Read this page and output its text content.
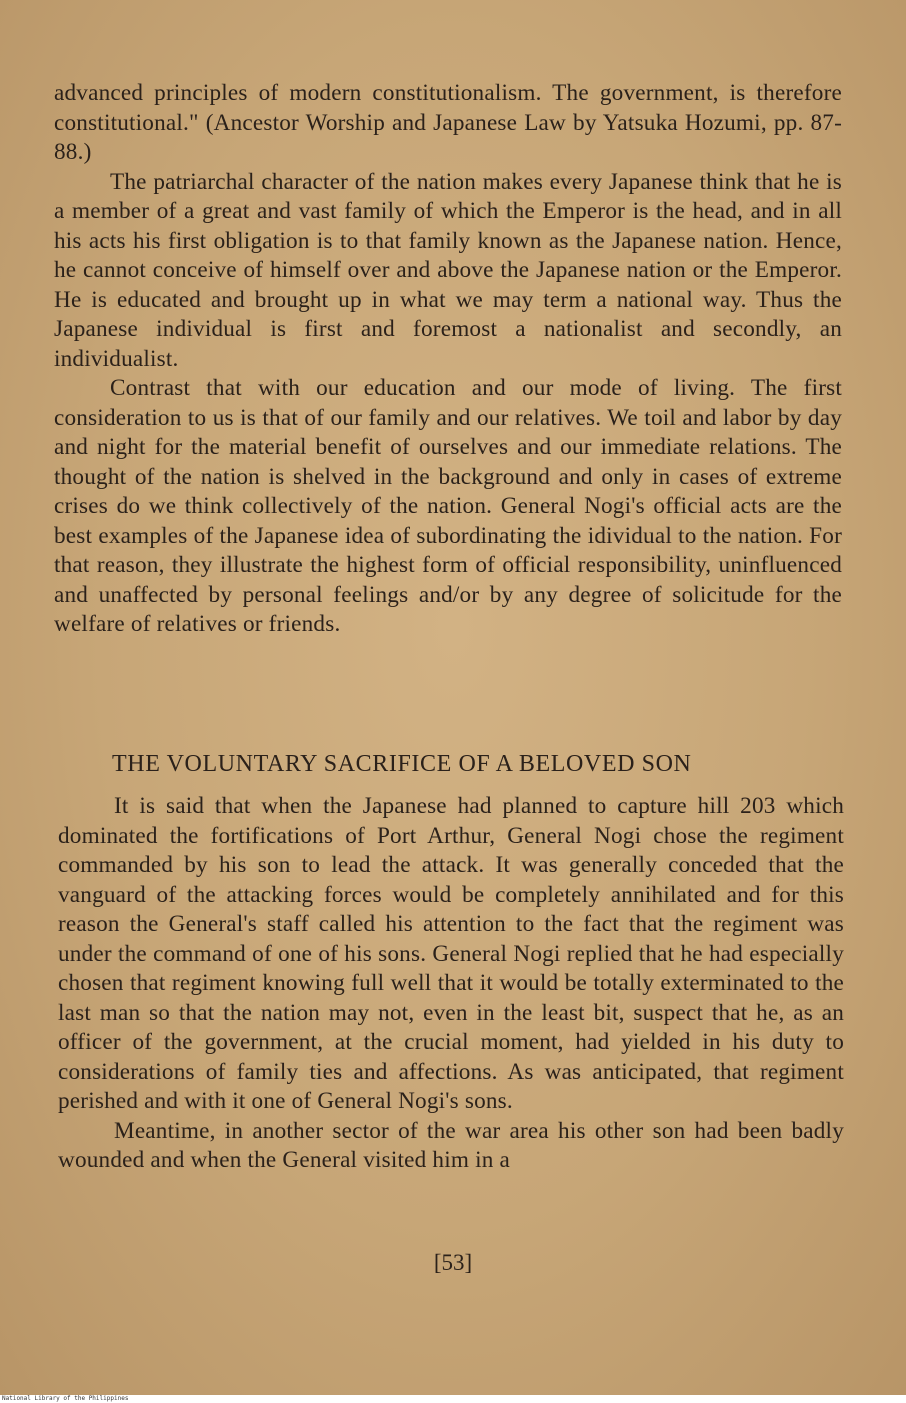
advanced principles of modern constitutionalism. The government, is therefore constitutional." (Ancestor Worship and Japanese Law by Yatsuka Hozumi, pp. 87-88.)

The patriarchal character of the nation makes every Japanese think that he is a member of a great and vast family of which the Emperor is the head, and in all his acts his first obligation is to that family known as the Japanese nation. Hence, he cannot conceive of himself over and above the Japanese nation or the Emperor. He is educated and brought up in what we may term a national way. Thus the Japanese individual is first and foremost a nationalist and secondly, an individualist.

Contrast that with our education and our mode of living. The first consideration to us is that of our family and our relatives. We toil and labor by day and night for the material benefit of ourselves and our immediate relations. The thought of the nation is shelved in the background and only in cases of extreme crises do we think collectively of the nation. General Nogi's official acts are the best examples of the Japanese idea of subordinating the idividual to the nation. For that reason, they illustrate the highest form of official responsibility, uninfluenced and unaffected by personal feelings and/or by any degree of solicitude for the welfare of relatives or friends.

THE VOLUNTARY SACRIFICE OF A BELOVED SON

It is said that when the Japanese had planned to capture hill 203 which dominated the fortifications of Port Arthur, General Nogi chose the regiment commanded by his son to lead the attack. It was generally conceded that the vanguard of the attacking forces would be completely annihilated and for this reason the General's staff called his attention to the fact that the regiment was under the command of one of his sons. General Nogi replied that he had especially chosen that regiment knowing full well that it would be totally exterminated to the last man so that the nation may not, even in the least bit, suspect that he, as an officer of the government, at the crucial moment, had yielded in his duty to considerations of family ties and affections. As was anticipated, that regiment perished and with it one of General Nogi's sons.

Meantime, in another sector of the war area his other son had been badly wounded and when the General visited him in a

[53]

National Library of the Philippines
